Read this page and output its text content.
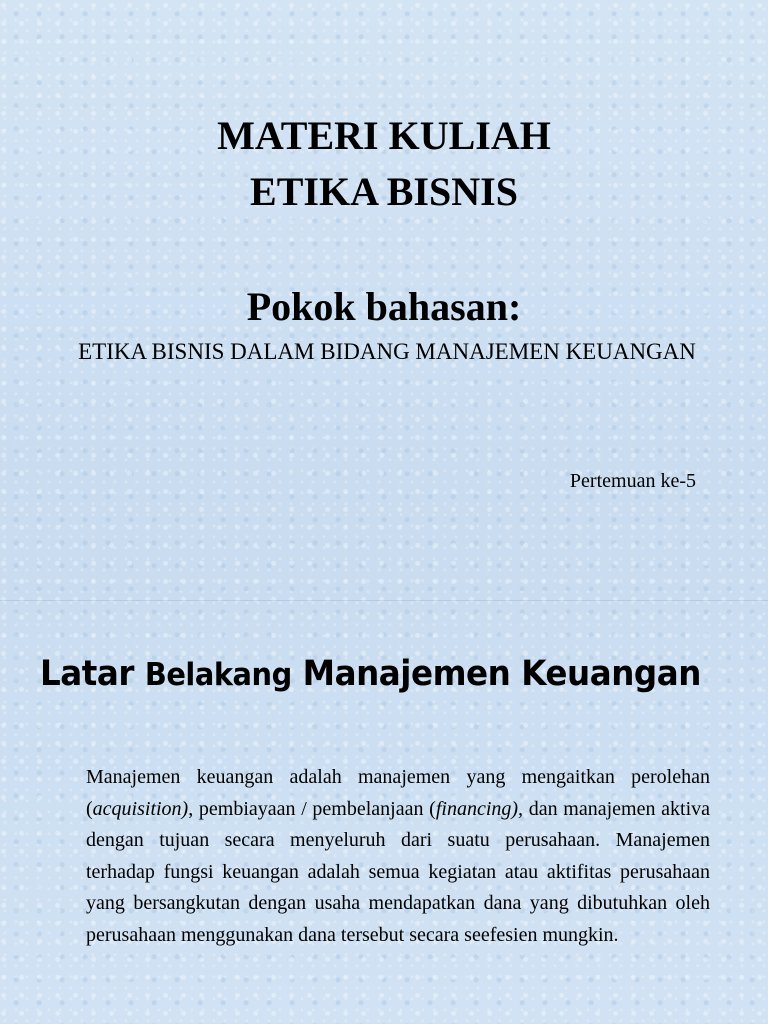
MATERI KULIAH
ETIKA BISNIS
Pokok bahasan:

ETIKA BISNIS DALAM BIDANG MANAJEMEN KEUANGAN

Pertemuan ke-5

Latar Belakang Manajemen Keuangan

Manajemen keuangan adalah manajemen yang mengaitkan perolehan (acquisition), pembiayaan / pembelanjaan (financing), dan manajemen aktiva dengan tujuan secara menyeluruh dari suatu perusahaan. Manajemen terhadap fungsi keuangan adalah semua kegiatan atau aktifitas perusahaan yang bersangkutan dengan usaha mendapatkan dana yang dibutuhkan oleh perusahaan menggunakan dana tersebut secara seefesien mungkin.
